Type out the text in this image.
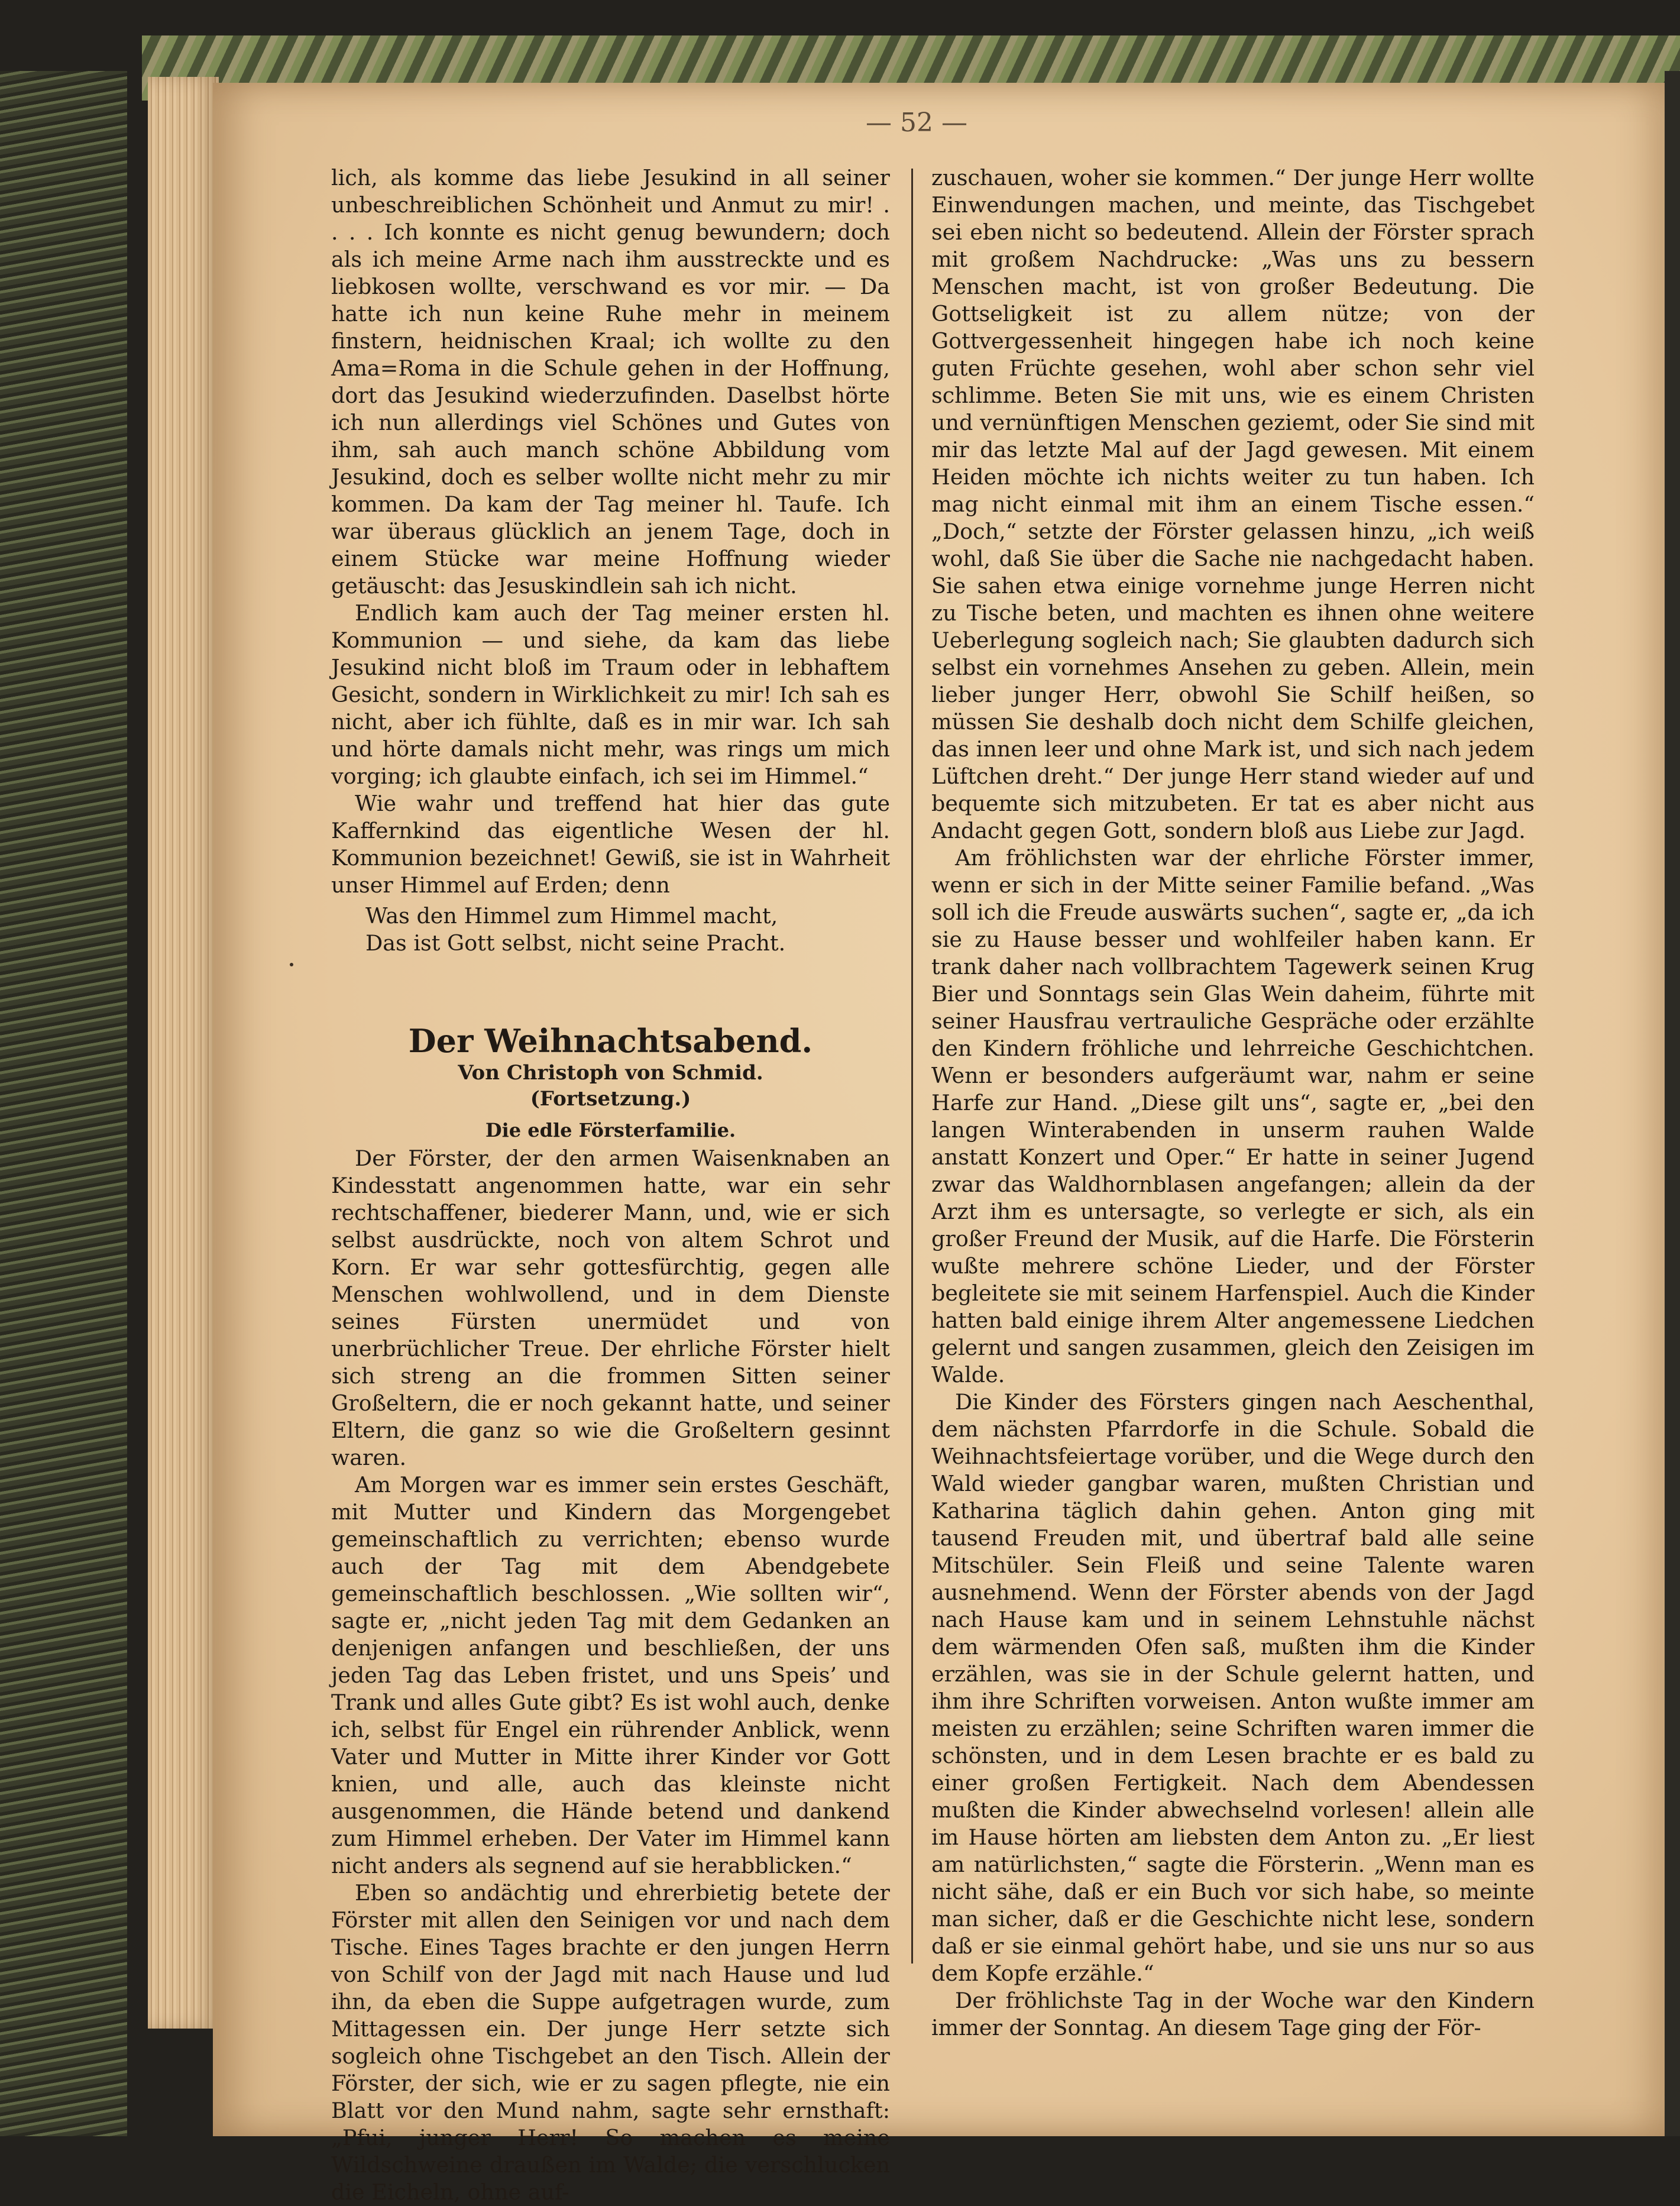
— 52 —

lich, als komme das liebe Jesukind in all seiner unbeschreiblichen Schönheit und Anmut zu mir! . . . . Ich konnte es nicht genug bewundern; doch als ich meine Arme nach ihm ausstreckte und es liebkosen wollte, verschwand es vor mir. — Da hatte ich nun keine Ruhe mehr in meinem finstern, heidnischen Kraal; ich wollte zu den Ama=Roma in die Schule gehen in der Hoffnung, dort das Jesukind wiederzufinden. Daselbst hörte ich nun allerdings viel Schönes und Gutes von ihm, sah auch manch schöne Abbildung vom Jesukind, doch es selber wollte nicht mehr zu mir kommen. Da kam der Tag meiner hl. Taufe. Ich war überaus glücklich an jenem Tage, doch in einem Stücke war meine Hoffnung wieder getäuscht: das Jesuskindlein sah ich nicht.

Endlich kam auch der Tag meiner ersten hl. Kommunion — und siehe, da kam das liebe Jesukind nicht bloß im Traum oder in lebhaftem Gesicht, sondern in Wirklichkeit zu mir! Ich sah es nicht, aber ich fühlte, daß es in mir war. Ich sah und hörte damals nicht mehr, was rings um mich vorging; ich glaubte einfach, ich sei im Himmel.“

Wie wahr und treffend hat hier das gute Kaffernkind das eigentliche Wesen der hl. Kommunion bezeichnet! Gewiß, sie ist in Wahrheit unser Himmel auf Erden; denn

Was den Himmel zum Himmel macht,
Das ist Gott selbst, nicht seine Pracht.
Der Weihnachtsabend.
Von Christoph von Schmid.
(Fortsetzung.)
Die edle Försterfamilie.

Der Förster, der den armen Waisenknaben an Kindesstatt angenommen hatte, war ein sehr rechtschaffener, biederer Mann, und, wie er sich selbst ausdrückte, noch von altem Schrot und Korn. Er war sehr gottesfürchtig, gegen alle Menschen wohlwollend, und in dem Dienste seines Fürsten unermüdet und von unerbrüchlicher Treue. Der ehrliche Förster hielt sich streng an die frommen Sitten seiner Großeltern, die er noch gekannt hatte, und seiner Eltern, die ganz so wie die Großeltern gesinnt waren.

Am Morgen war es immer sein erstes Geschäft, mit Mutter und Kindern das Morgengebet gemeinschaftlich zu verrichten; ebenso wurde auch der Tag mit dem Abendgebete gemeinschaftlich beschlossen. „Wie sollten wir“, sagte er, „nicht jeden Tag mit dem Gedanken an denjenigen anfangen und beschließen, der uns jeden Tag das Leben fristet, und uns Speis’ und Trank und alles Gute gibt? Es ist wohl auch, denke ich, selbst für Engel ein rührender Anblick, wenn Vater und Mutter in Mitte ihrer Kinder vor Gott knien, und alle, auch das kleinste nicht ausgenommen, die Hände betend und dankend zum Himmel erheben. Der Vater im Himmel kann nicht anders als segnend auf sie herabblicken.“

Eben so andächtig und ehrerbietig betete der Förster mit allen den Seinigen vor und nach dem Tische. Eines Tages brachte er den jungen Herrn von Schilf von der Jagd mit nach Hause und lud ihn, da eben die Suppe aufgetragen wurde, zum Mittagessen ein. Der junge Herr setzte sich sogleich ohne Tischgebet an den Tisch. Allein der Förster, der sich, wie er zu sagen pflegte, nie ein Blatt vor den Mund nahm, sagte sehr ernsthaft: „Pfui, junger Herr! So machen es meine Wildschweine draußen im Walde; die verschlucken die Eicheln, ohne auf-

zuschauen, woher sie kommen.“ Der junge Herr wollte Einwendungen machen, und meinte, das Tischgebet sei eben nicht so bedeutend. Allein der Förster sprach mit großem Nachdrucke: „Was uns zu bessern Menschen macht, ist von großer Bedeutung. Die Gottseligkeit ist zu allem nütze; von der Gottvergessenheit hingegen habe ich noch keine guten Früchte gesehen, wohl aber schon sehr viel schlimme. Beten Sie mit uns, wie es einem Christen und vernünftigen Menschen geziemt, oder Sie sind mit mir das letzte Mal auf der Jagd gewesen. Mit einem Heiden möchte ich nichts weiter zu tun haben. Ich mag nicht einmal mit ihm an einem Tische essen.“ „Doch,“ setzte der Förster gelassen hinzu, „ich weiß wohl, daß Sie über die Sache nie nachgedacht haben. Sie sahen etwa einige vornehme junge Herren nicht zu Tische beten, und machten es ihnen ohne weitere Ueberlegung sogleich nach; Sie glaubten dadurch sich selbst ein vornehmes Ansehen zu geben. Allein, mein lieber junger Herr, obwohl Sie Schilf heißen, so müssen Sie deshalb doch nicht dem Schilfe gleichen, das innen leer und ohne Mark ist, und sich nach jedem Lüftchen dreht.“ Der junge Herr stand wieder auf und bequemte sich mitzubeten. Er tat es aber nicht aus Andacht gegen Gott, sondern bloß aus Liebe zur Jagd.

Am fröhlichsten war der ehrliche Förster immer, wenn er sich in der Mitte seiner Familie befand. „Was soll ich die Freude auswärts suchen“, sagte er, „da ich sie zu Hause besser und wohlfeiler haben kann. Er trank daher nach vollbrachtem Tagewerk seinen Krug Bier und Sonntags sein Glas Wein daheim, führte mit seiner Hausfrau vertrauliche Gespräche oder erzählte den Kindern fröhliche und lehrreiche Geschichtchen. Wenn er besonders aufgeräumt war, nahm er seine Harfe zur Hand. „Diese gilt uns“, sagte er, „bei den langen Winterabenden in unserm rauhen Walde anstatt Konzert und Oper.“ Er hatte in seiner Jugend zwar das Waldhornblasen angefangen; allein da der Arzt ihm es untersagte, so verlegte er sich, als ein großer Freund der Musik, auf die Harfe. Die Försterin wußte mehrere schöne Lieder, und der Förster begleitete sie mit seinem Harfenspiel. Auch die Kinder hatten bald einige ihrem Alter angemessene Liedchen gelernt und sangen zusammen, gleich den Zeisigen im Walde.

Die Kinder des Försters gingen nach Aeschenthal, dem nächsten Pfarrdorfe in die Schule. Sobald die Weihnachtsfeiertage vorüber, und die Wege durch den Wald wieder gangbar waren, mußten Christian und Katharina täglich dahin gehen. Anton ging mit tausend Freuden mit, und übertraf bald alle seine Mitschüler. Sein Fleiß und seine Talente waren ausnehmend. Wenn der Förster abends von der Jagd nach Hause kam und in seinem Lehnstuhle nächst dem wärmenden Ofen saß, mußten ihm die Kinder erzählen, was sie in der Schule gelernt hatten, und ihm ihre Schriften vorweisen. Anton wußte immer am meisten zu erzählen; seine Schriften waren immer die schönsten, und in dem Lesen brachte er es bald zu einer großen Fertigkeit. Nach dem Abendessen mußten die Kinder abwechselnd vorlesen! allein alle im Hause hörten am liebsten dem Anton zu. „Er liest am natürlichsten,“ sagte die Försterin. „Wenn man es nicht sähe, daß er ein Buch vor sich habe, so meinte man sicher, daß er die Geschichte nicht lese, sondern daß er sie einmal gehört habe, und sie uns nur so aus dem Kopfe erzähle.“

Der fröhlichste Tag in der Woche war den Kindern immer der Sonntag. An diesem Tage ging der För-
